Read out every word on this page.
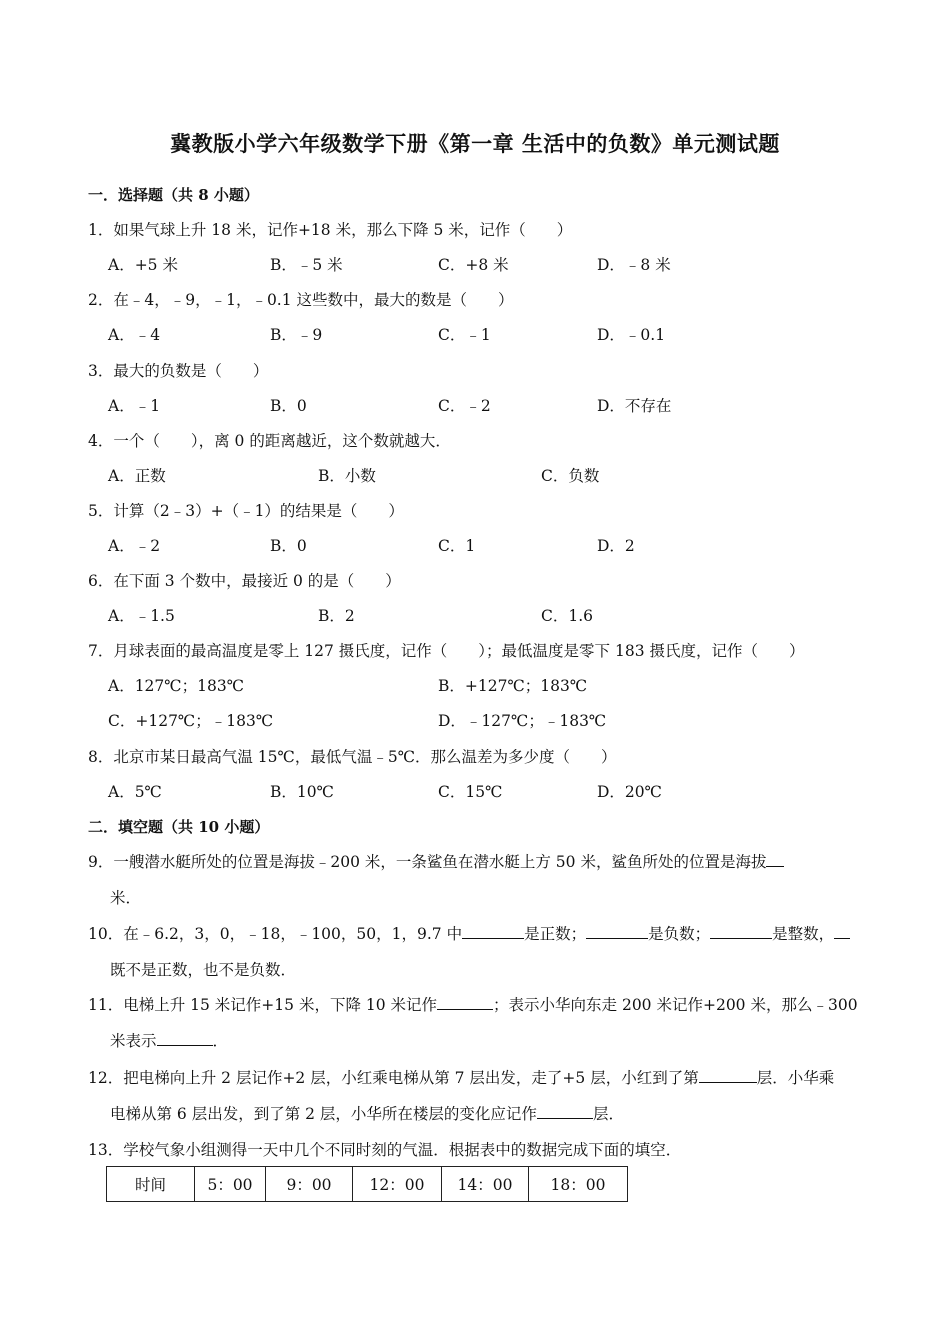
冀教版小学六年级数学下册《第一章 生活中的负数》单元测试题
一．选择题（共 8 小题）
1．如果气球上升 18 米，记作+18 米，那么下降 5 米，记作（　　）
A．+5 米	B．﹣5 米	C．+8 米	D．﹣8 米
2．在﹣4，﹣9，﹣1，﹣0.1 这些数中，最大的数是（　　）
A．﹣4	B．﹣9	C．﹣1	D．﹣0.1
3．最大的负数是（　　）
A．﹣1	B．0	C．﹣2	D．不存在
4．一个（　　），离 0 的距离越近，这个数就越大．
A．正数	B．小数	C．负数
5．计算（2﹣3）+（﹣1）的结果是（　　）
A．﹣2	B．0	C．1	D．2
6．在下面 3 个数中，最接近 0 的是（　　）
A．﹣1.5	B．2	C．1.6
7．月球表面的最高温度是零上 127 摄氏度，记作（　　）；最低温度是零下 183 摄氏度，记作（　　）
A．127℃；183℃	B．+127℃；183℃
C．+127℃；﹣183℃	D．﹣127℃；﹣183℃
8．北京市某日最高气温 15℃，最低气温﹣5℃．那么温差为多少度（　　）
A．5℃	B．10℃	C．15℃	D．20℃
二．填空题（共 10 小题）
9．一艘潜水艇所处的位置是海拔﹣200 米，一条鲨鱼在潜水艇上方 50 米，鲨鱼所处的位置是海拔
米．
10．在﹣6.2，3，0，﹣18，﹣100，50，1，9.7 中	是正数；	是负数；	是整数，
既不是正数，也不是负数．
11．电梯上升 15 米记作+15 米，下降 10 米记作	；表示小华向东走 200 米记作+200 米，那么﹣300
米表示	．
12．把电梯向上升 2 层记作+2 层，小红乘电梯从第 7 层出发，走了+5 层，小红到了第	层．小华乘
电梯从第 6 层出发，到了第 2 层，小华所在楼层的变化应记作	层．
13．学校气象小组测得一天中几个不同时刻的气温．根据表中的数据完成下面的填空．
时间	5：00	9：00	12：00	14：00	18：00
